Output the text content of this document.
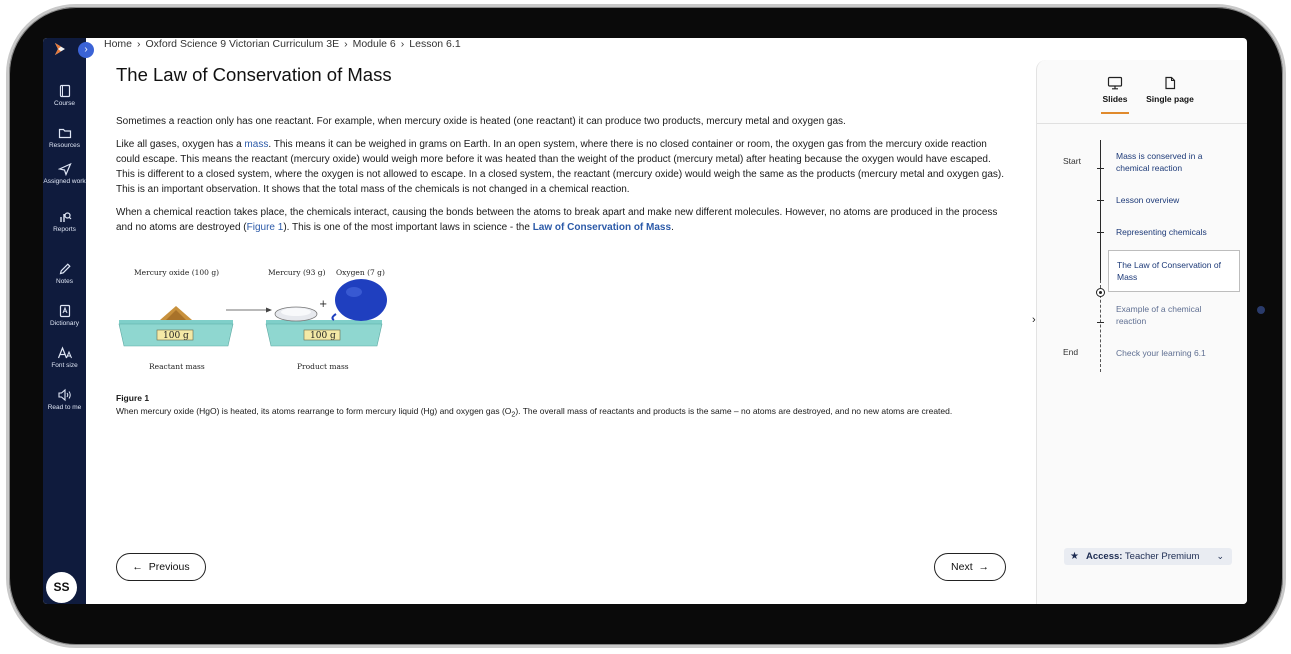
Course
Resources
Assigned work
Reports
Notes
Dictionary
Font size
Read to me
SS
›	Home › Oxford Science 9 Victorian Curriculum 3E › Module 6 › Lesson 6.1
The Law of Conservation of Mass

Sometimes a reaction only has one reactant. For example, when mercury oxide is heated (one reactant) it can produce two products, mercury metal and oxygen gas.

Like all gases, oxygen has a mass. This means it can be weighed in grams on Earth. In an open system, where there is no closed container or room, the oxygen gas from the mercury oxide reaction could escape. This means the reactant (mercury oxide) would weigh more before it was heated than the weight of the product (mercury metal) after heating because the oxygen would have escaped. This is different to a closed system, where the oxygen is not allowed to escape. In a closed system, the reactant (mercury oxide) would weigh the same as the products (mercury metal and oxygen gas). This is an important observation. It shows that the total mass of the chemicals is not changed in a chemical reaction.

When a chemical reaction takes place, the chemicals interact, causing the bonds between the atoms to break apart and make new different molecules. However, no atoms are produced in the process and no atoms are destroyed (Figure 1). This is one of the most important laws in science - the Law of Conservation of Mass.

Mercury oxide (100 g)	Mercury (93 g) Oxygen (7 g)
+
100 g	100 g
Reactant mass	Product mass
Figure 1
When mercury oxide (HgO) is heated, its atoms rearrange to form mercury liquid (Hg) and oxygen gas $(O_2)$. The overall mass of reactants and products is the same – no atoms are destroyed, and no new atoms are created.
← Previous	Next →
›
Slides Single page
Start
End
Mass is conserved in a chemical reaction
Lesson overview
Representing chemicals
The Law of Conservation of Mass
Example of a chemical reaction
Check your learning 6.1
★ Access: Teacher Premium ⌄
